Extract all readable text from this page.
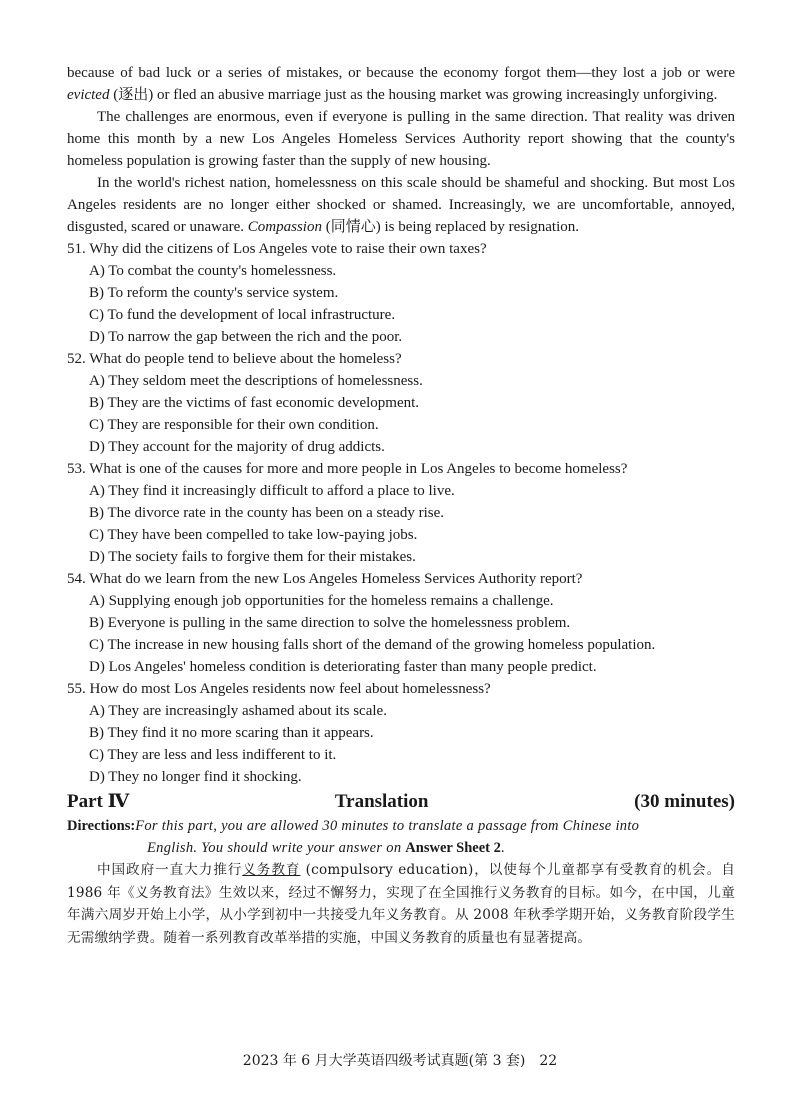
because of bad luck or a series of mistakes, or because the economy forgot them—they lost a job or were evicted (逐出) or fled an abusive marriage just as the housing market was growing increasingly unforgiving.

The challenges are enormous, even if everyone is pulling in the same direction. That reality was driven home this month by a new Los Angeles Homeless Services Authority report showing that the county's homeless population is growing faster than the supply of new housing.

In the world's richest nation, homelessness on this scale should be shameful and shocking. But most Los Angeles residents are no longer either shocked or shamed. Increasingly, we are uncomfortable, annoyed, disgusted, scared or unaware. Compassion (同情心) is being replaced by resignation.

51. Why did the citizens of Los Angeles vote to raise their own taxes?

A) To combat the county's homelessness.

B) To reform the county's service system.

C) To fund the development of local infrastructure.

D) To narrow the gap between the rich and the poor.

52. What do people tend to believe about the homeless?

A) They seldom meet the descriptions of homelessness.

B) They are the victims of fast economic development.

C) They are responsible for their own condition.

D) They account for the majority of drug addicts.

53. What is one of the causes for more and more people in Los Angeles to become homeless?

A) They find it increasingly difficult to afford a place to live.

B) The divorce rate in the county has been on a steady rise.

C) They have been compelled to take low-paying jobs.

D) The society fails to forgive them for their mistakes.

54. What do we learn from the new Los Angeles Homeless Services Authority report?

A) Supplying enough job opportunities for the homeless remains a challenge.

B) Everyone is pulling in the same direction to solve the homelessness problem.

C) The increase in new housing falls short of the demand of the growing homeless population.

D) Los Angeles' homeless condition is deteriorating faster than many people predict.

55. How do most Los Angeles residents now feel about homelessness?

A) They are increasingly ashamed about its scale.

B) They find it no more scaring than it appears.

C) They are less and less indifferent to it.

D) They no longer find it shocking.

Part Ⅳ	Translation	(30 minutes)
Directions:For this part, you are allowed 30 minutes to translate a passage from Chinese into
English. You should write your answer on Answer Sheet 2.

中国政府一直大力推行义务教育 (compulsory education)，以使每个儿童都享有受教育的机会。自 1986 年《义务教育法》生效以来，经过不懈努力，实现了在全国推行义务教育的目标。如今，在中国，儿童年满六周岁开始上小学，从小学到初中一共接受九年义务教育。从 2008 年秋季学期开始，义务教育阶段学生无需缴纳学费。随着一系列教育改革举措的实施，中国义务教育的质量也有显著提高。

2023 年 6 月大学英语四级考试真题(第 3 套)　22
